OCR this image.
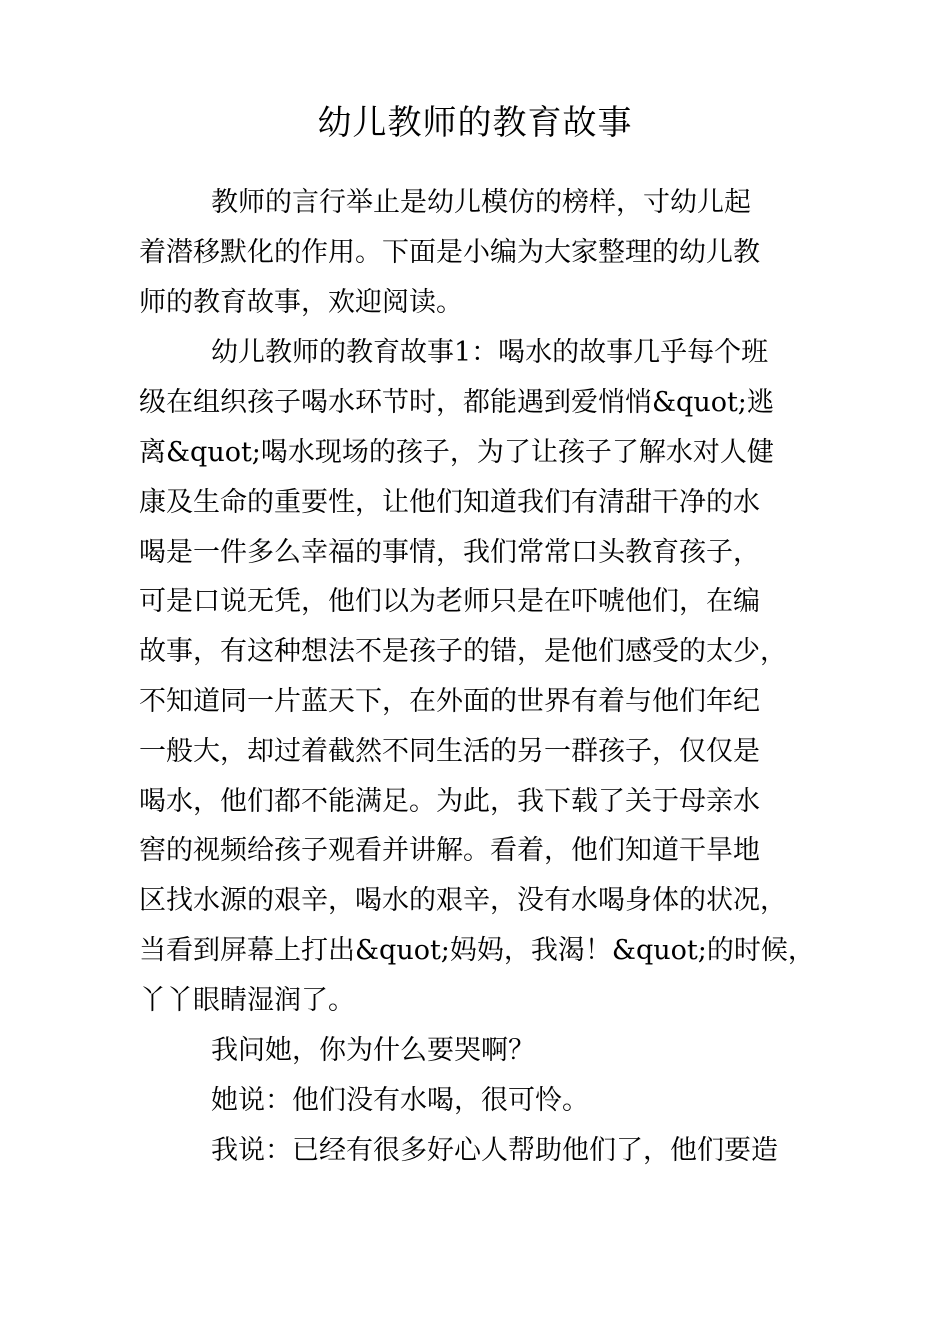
幼儿教师的教育故事
教师的言行举止是幼儿模仿的榜样，寸幼儿起
着潜移默化的作用。下面是小编为大家整理的幼儿教
师的教育故事，欢迎阅读。
幼儿教师的教育故事1：喝水的故事几乎每个班
级在组织孩子喝水环节时，都能遇到爱悄悄&quot;逃
离&quot;喝水现场的孩子，为了让孩子了解水对人健
康及生命的重要性，让他们知道我们有清甜干净的水
喝是一件多么幸福的事情，我们常常口头教育孩子，
可是口说无凭，他们以为老师只是在吓唬他们，在编
故事，有这种想法不是孩子的错，是他们感受的太少，
不知道同一片蓝天下，在外面的世界有着与他们年纪
一般大，却过着截然不同生活的另一群孩子，仅仅是
喝水，他们都不能满足。为此，我下载了关于母亲水
窖的视频给孩子观看并讲解。看着，他们知道干旱地
区找水源的艰辛，喝水的艰辛，没有水喝身体的状况，
当看到屏幕上打出&quot;妈妈，我渴！&quot;的时候，
丫丫眼睛湿润了。
我问她，你为什么要哭啊？
她说：他们没有水喝，很可怜。
我说：已经有很多好心人帮助他们了，他们要造
